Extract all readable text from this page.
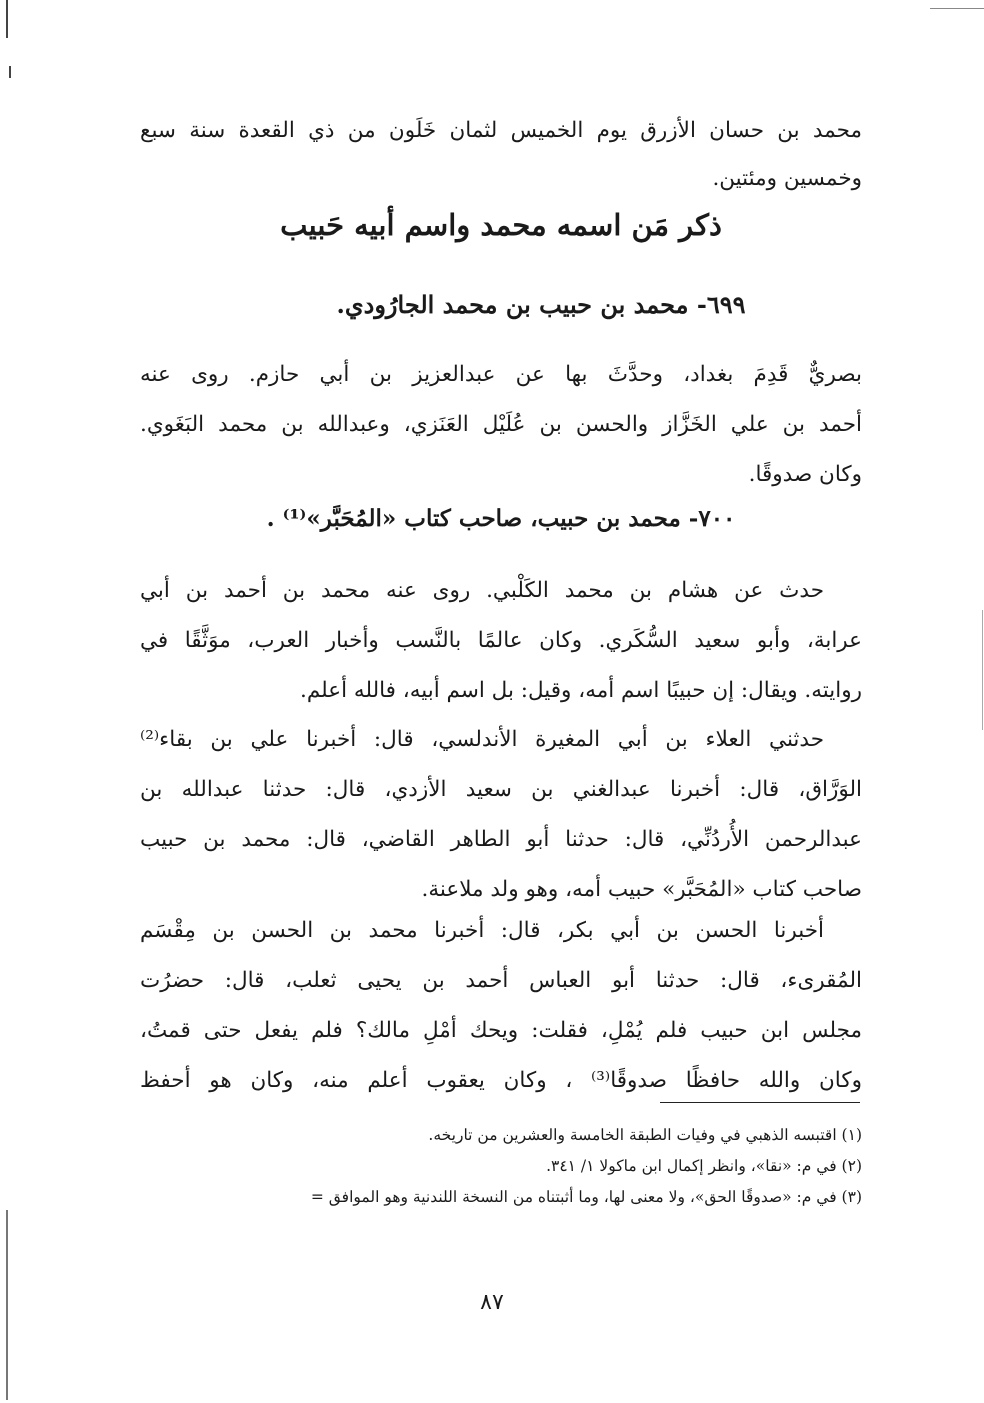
محمد بن حسان الأزرق يوم الخميس لثمان خَلَون من ذي القعدة سنة سبع
وخمسين ومئتين.
ذكر مَن اسمه محمد واسم أبيه حَبيب
٦٩٩- محمد بن حبيب بن محمد الجارُودي.
بصريٌّ قَدِمَ بغداد، وحدَّثَ بها عن عبدالعزيز بن أبي حازم. روى عنه
أحمد بن علي الخَزَّاز والحسن بن عُلَيْل العَنَزي، وعبدالله بن محمد البَغَوي.
وكان صدوقًا.
٧٠٠- محمد بن حبيب، صاحب كتاب «المُحَبَّر»⁽¹⁾ .
حدث عن هشام بن محمد الكَلْبي. روى عنه محمد بن أحمد بن أبي
عرابة، وأبو سعيد السُّكَري. وكان عالمًا بالنَّسب وأخبار العرب، موَثَّقًا في
روايته. ويقال: إن حبيبًا اسم أمه، وقيل: بل اسم أبيه، فالله أعلم.
حدثني العلاء بن أبي المغيرة الأندلسي، قال: أخبرنا علي بن بقاء⁽²⁾
الوَرَّاق، قال: أخبرنا عبدالغني بن سعيد الأزدي، قال: حدثنا عبدالله بن
عبدالرحمن الأُردُنِّي، قال: حدثنا أبو الطاهر القاضي، قال: محمد بن حبيب
صاحب كتاب «المُحَبَّر» حبيب أمه، وهو ولد ملاعنة.
أخبرنا الحسن بن أبي بكر، قال: أخبرنا محمد بن الحسن بن مِقْسَم
المُقرىء، قال: حدثنا أبو العباس أحمد بن يحيى ثعلب، قال: حضرُت
مجلس ابن حبيب فلم يُمْلِ، فقلت: ويحك أمْلِ مالك؟ فلم يفعل حتى قمتُ،
وكان والله حافظًا صدوقًا⁽³⁾ ، وكان يعقوب أعلم منه، وكان هو أحفظ
(١) اقتبسه الذهبي في وفيات الطبقة الخامسة والعشرين من تاريخه.
(٢) في م: «نقا»، وانظر إكمال ابن ماكولا ١/ ٣٤١.
(٣) في م: «صدوقًا الحق»، ولا معنى لها، وما أثبتناه من النسخة اللندنية وهو الموافق =
٨٧
